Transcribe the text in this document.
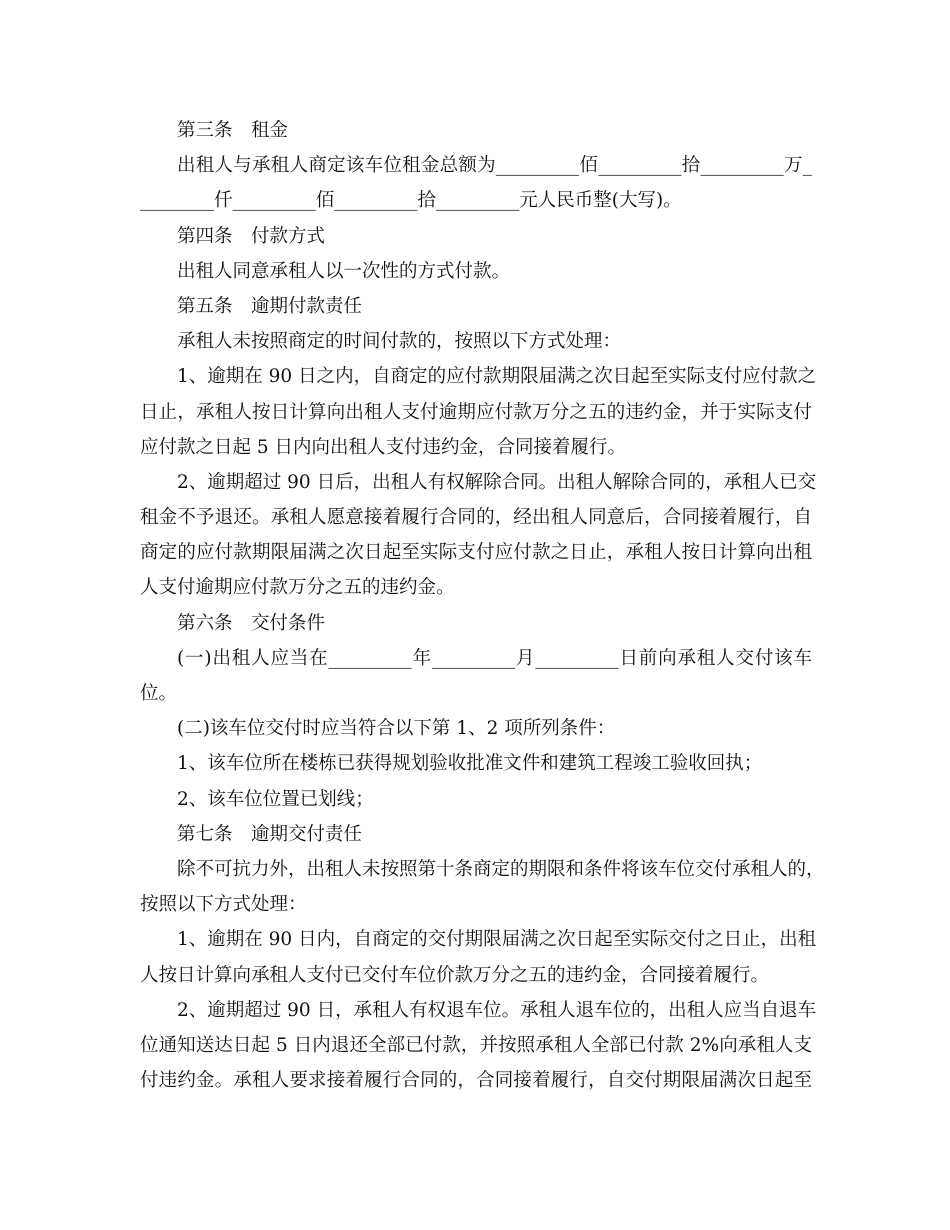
第三条　租金
出租人与承租人商定该车位租金总额为_________佰_________拾_________万_
________仟_________佰_________拾_________元人民币整(大写)。
第四条　付款方式
出租人同意承租人以一次性的方式付款。
第五条　逾期付款责任
承租人未按照商定的时间付款的，按照以下方式处理：
1、逾期在 90 日之内，自商定的应付款期限届满之次日起至实际支付应付款之
日止，承租人按日计算向出租人支付逾期应付款万分之五的违约金，并于实际支付
应付款之日起 5 日内向出租人支付违约金，合同接着履行。
2、逾期超过 90 日后，出租人有权解除合同。出租人解除合同的，承租人已交
租金不予退还。承租人愿意接着履行合同的，经出租人同意后，合同接着履行，自
商定的应付款期限届满之次日起至实际支付应付款之日止，承租人按日计算向出租
人支付逾期应付款万分之五的违约金。
第六条　交付条件
(一)出租人应当在_________年_________月_________日前向承租人交付该车
位。
(二)该车位交付时应当符合以下第 1、2 项所列条件：
1、该车位所在楼栋已获得规划验收批准文件和建筑工程竣工验收回执；
2、该车位位置已划线；
第七条　逾期交付责任
除不可抗力外，出租人未按照第十条商定的期限和条件将该车位交付承租人的，
按照以下方式处理：
1、逾期在 90 日内，自商定的交付期限届满之次日起至实际交付之日止，出租
人按日计算向承租人支付已交付车位价款万分之五的违约金，合同接着履行。
2、逾期超过 90 日，承租人有权退车位。承租人退车位的，出租人应当自退车
位通知送达日起 5 日内退还全部已付款，并按照承租人全部已付款 2%向承租人支
付违约金。承租人要求接着履行合同的，合同接着履行，自交付期限届满次日起至
